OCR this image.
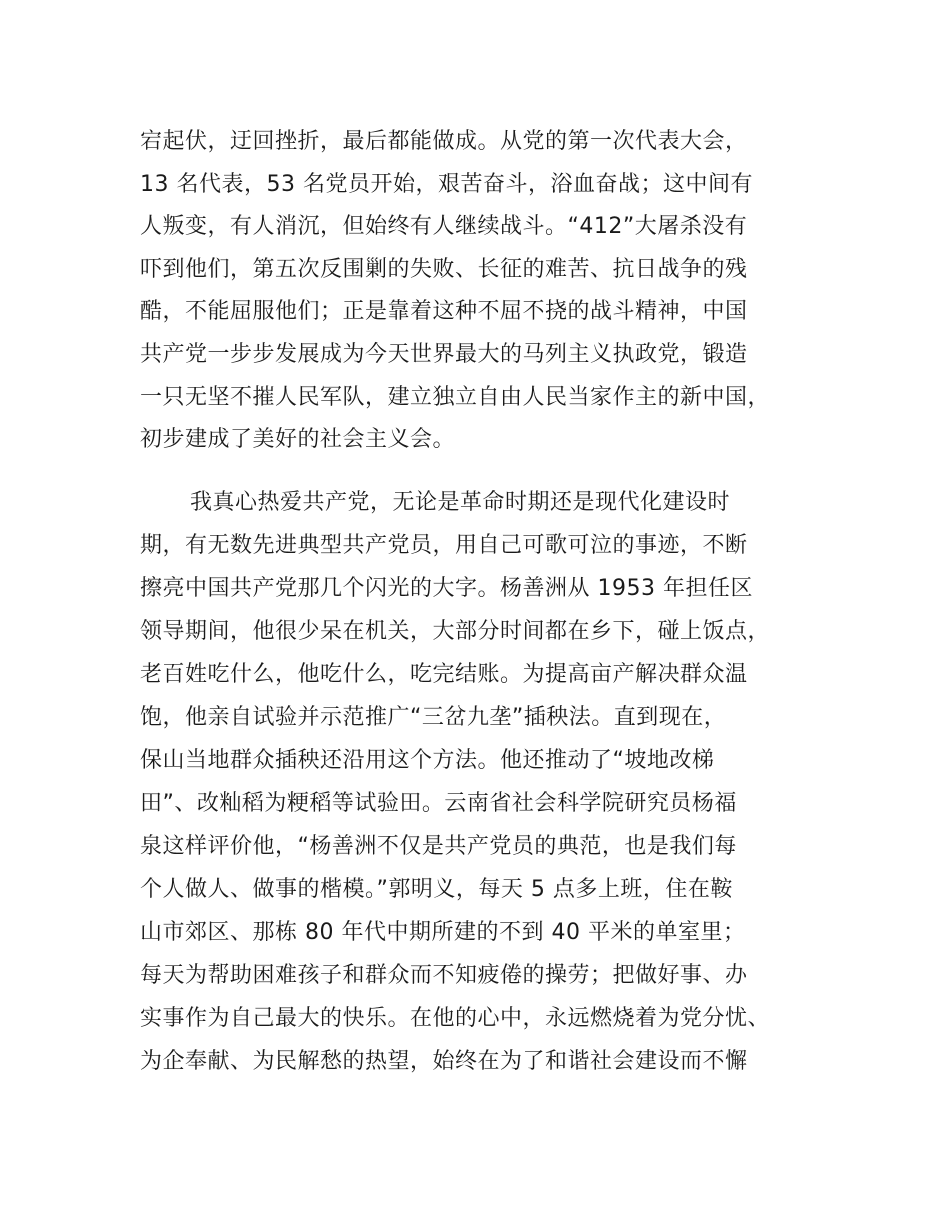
宕起伏，迂回挫折，最后都能做成。从党的第一次代表大会，
13 名代表，53 名党员开始，艰苦奋斗，浴血奋战；这中间有
人叛变，有人消沉，但始终有人继续战斗。“412”大屠杀没有
吓到他们，第五次反围剿的失败、长征的难苦、抗日战争的残
酷，不能屈服他们；正是靠着这种不屈不挠的战斗精神，中国
共产党一步步发展成为今天世界最大的马列主义执政党，锻造
一只无坚不摧人民军队，建立独立自由人民当家作主的新中国，
初步建成了美好的社会主义会。
我真心热爱共产党，无论是革命时期还是现代化建设时
期，有无数先进典型共产党员，用自己可歌可泣的事迹，不断
擦亮中国共产党那几个闪光的大字。杨善洲从 1953 年担任区
领导期间，他很少呆在机关，大部分时间都在乡下，碰上饭点，
老百姓吃什么，他吃什么，吃完结账。为提高亩产解决群众温
饱，他亲自试验并示范推广“三岔九垄”插秧法。直到现在，
保山当地群众插秧还沿用这个方法。他还推动了“坡地改梯
田”、改籼稻为粳稻等试验田。云南省社会科学院研究员杨福
泉这样评价他，“杨善洲不仅是共产党员的典范，也是我们每
个人做人、做事的楷模。”郭明义，每天 5 点多上班，住在鞍
山市郊区、那栋 80 年代中期所建的不到 40 平米的单室里；
每天为帮助困难孩子和群众而不知疲倦的操劳；把做好事、办
实事作为自己最大的快乐。在他的心中，永远燃烧着为党分忧、
为企奉献、为民解愁的热望，始终在为了和谐社会建设而不懈
